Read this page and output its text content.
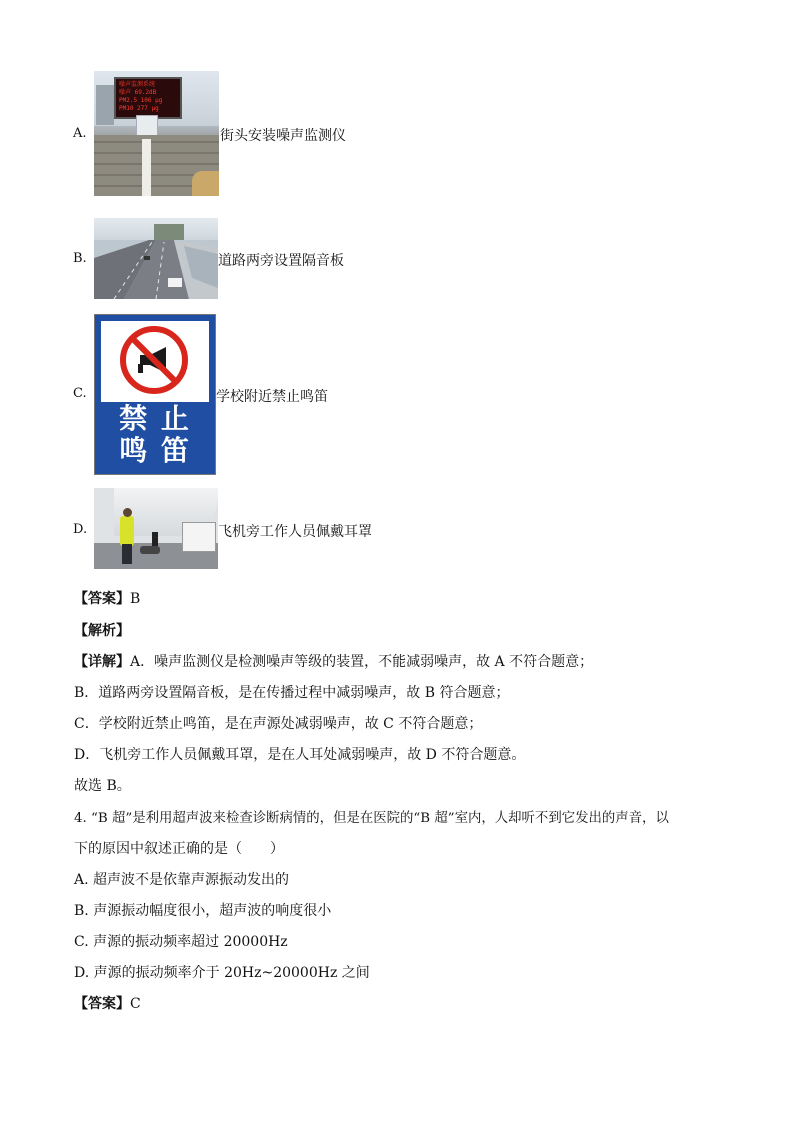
A.
噪声监测系统
噪声 69.2dB
PM2.5 106 μg
PM10 277 μg
街头安装噪声监测仪
B.	道路两旁设置隔音板
C.
禁 止
鸣 笛
学校附近禁止鸣笛
D.	飞机旁工作人员佩戴耳罩
【答案】B
【解析】
【详解】A．噪声监测仪是检测噪声等级的装置，不能减弱噪声，故 A 不符合题意；
B．道路两旁设置隔音板，是在传播过程中减弱噪声，故 B 符合题意；
C．学校附近禁止鸣笛，是在声源处减弱噪声，故 C 不符合题意；
D．飞机旁工作人员佩戴耳罩，是在人耳处减弱噪声，故 D 不符合题意。
故选 B。
4. “B 超”是利用超声波来检查诊断病情的，但是在医院的“B 超”室内，人却听不到它发出的声音，以
下的原因中叙述正确的是（　　）
A. 超声波不是依靠声源振动发出的
B. 声源振动幅度很小，超声波的响度很小
C. 声源的振动频率超过 20000Hz
D. 声源的振动频率介于 20Hz~20000Hz 之间
【答案】C
